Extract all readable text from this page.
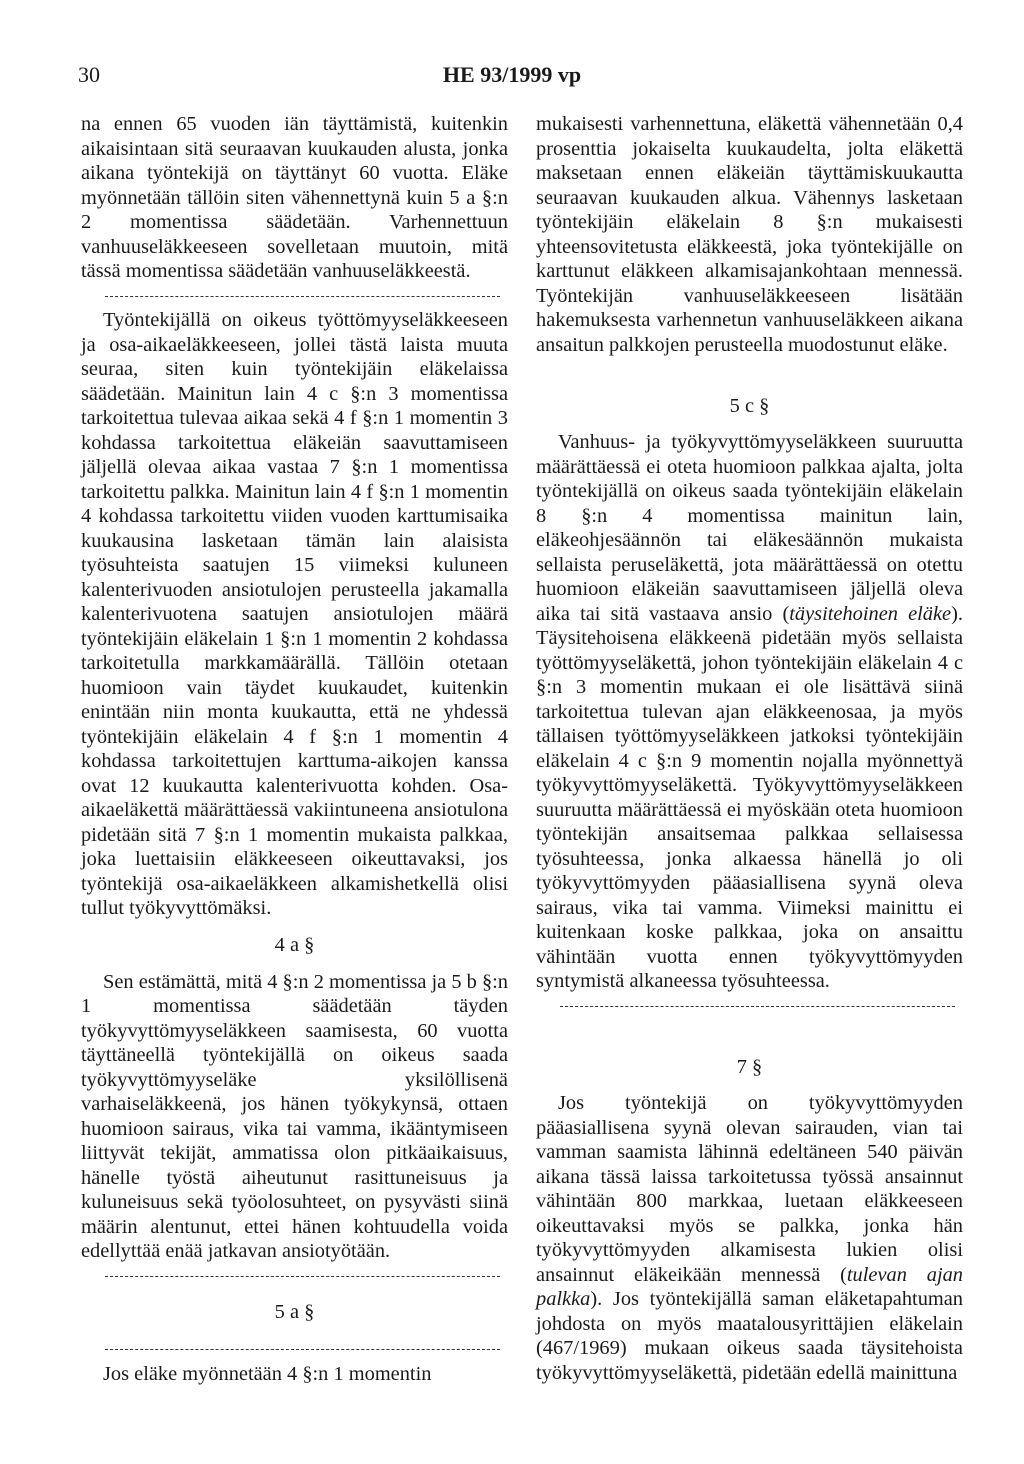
30	HE 93/1999 vp

na ennen 65 vuoden iän täyttämistä, kuitenkin aikaisintaan sitä seuraavan kuukauden alusta, jonka aikana työntekijä on täyttänyt 60 vuotta. Eläke myönnetään tällöin siten vähennettynä kuin 5 a §:n 2 momentissa säädetään. Varhennettuun vanhuuseläkkeeseen sovelletaan muutoin, mitä tässä momentissa säädetään vanhuuseläkkeestä.

Työntekijällä on oikeus työttömyyseläkkeeseen ja osa-aikaeläkkeeseen, jollei tästä laista muuta seuraa, siten kuin työntekijäin eläkelaissa säädetään. Mainitun lain 4 c §:n 3 momentissa tarkoitettua tulevaa aikaa sekä 4 f §:n 1 momentin 3 kohdassa tarkoitettua eläkeiän saavuttamiseen jäljellä olevaa aikaa vastaa 7 §:n 1 momentissa tarkoitettu palkka. Mainitun lain 4 f §:n 1 momentin 4 kohdassa tarkoitettu viiden vuoden karttumisaika kuukausina lasketaan tämän lain alaisista työsuhteista saatujen 15 viimeksi kuluneen kalenterivuoden ansiotulojen perusteella jakamalla kalenterivuotena saatujen ansiotulojen määrä työntekijäin eläkelain 1 §:n 1 momentin 2 kohdassa tarkoitetulla markkamäärällä. Tällöin otetaan huomioon vain täydet kuukaudet, kuitenkin enintään niin monta kuukautta, että ne yhdessä työntekijäin eläkelain 4 f §:n 1 momentin 4 kohdassa tarkoitettujen karttuma-aikojen kanssa ovat 12 kuukautta kalenterivuotta kohden. Osa-aikaeläkettä määrättäessä vakiintuneena ansiotulona pidetään sitä 7 §:n 1 momentin mukaista palkkaa, joka luettaisiin eläkkeeseen oikeuttavaksi, jos työntekijä osa-aikaeläkkeen alkamishetkellä olisi tullut työkyvyttömäksi.

4 a §

Sen estämättä, mitä 4 §:n 2 momentissa ja 5 b §:n 1 momentissa säädetään täyden työkyvyttömyyseläkkeen saamisesta, 60 vuotta täyttäneellä työntekijällä on oikeus saada työkyvyttömyyseläke yksilöllisenä varhaiseläkkeenä, jos hänen työkykynsä, ottaen huomioon sairaus, vika tai vamma, ikääntymiseen liittyvät tekijät, ammatissa olon pitkäaikaisuus, hänelle työstä aiheutunut rasittuneisuus ja kuluneisuus sekä työolosuhteet, on pysyvästi siinä määrin alentunut, ettei hänen kohtuudella voida edellyttää enää jatkavan ansiotyötään.

5 a §

Jos eläke myönnetään 4 §:n 1 momentin

mukaisesti varhennettuna, eläkettä vähennetään 0,4 prosenttia jokaiselta kuukaudelta, jolta eläkettä maksetaan ennen eläkeiän täyttämiskuukautta seuraavan kuukauden alkua. Vähennys lasketaan työntekijäin eläkelain 8 §:n mukaisesti yhteensovitetusta eläkkeestä, joka työntekijälle on karttunut eläkkeen alkamisajankohtaan mennessä. Työntekijän vanhuuseläkkeeseen lisätään hakemuksesta varhennetun vanhuuseläkkeen aikana ansaitun palkkojen perusteella muodostunut eläke.

5 c §

Vanhuus- ja työkyvyttömyyseläkkeen suuruutta määrättäessä ei oteta huomioon palkkaa ajalta, jolta työntekijällä on oikeus saada työntekijäin eläkelain 8 §:n 4 momentissa mainitun lain, eläkeohjesäännön tai eläkesäännön mukaista sellaista peruseläkettä, jota määrättäessä on otettu huomioon eläkeiän saavuttamiseen jäljellä oleva aika tai sitä vastaava ansio (täysitehoinen eläke). Täysitehoisena eläkkeenä pidetään myös sellaista työttömyyseläkettä, johon työntekijäin eläkelain 4 c §:n 3 momentin mukaan ei ole lisättävä siinä tarkoitettua tulevan ajan eläkkeenosaa, ja myös tällaisen työttömyyseläkkeen jatkoksi työntekijäin eläkelain 4 c §:n 9 momentin nojalla myönnettyä työkyvyttömyyseläkettä. Työkyvyttömyyseläkkeen suuruutta määrättäessä ei myöskään oteta huomioon työntekijän ansaitsemaa palkkaa sellaisessa työsuhteessa, jonka alkaessa hänellä jo oli työkyvyttömyyden pääasiallisena syynä oleva sairaus, vika tai vamma. Viimeksi mainittu ei kuitenkaan koske palkkaa, joka on ansaittu vähintään vuotta ennen työkyvyttömyyden syntymistä alkaneessa työsuhteessa.

7 §

Jos työntekijä on työkyvyttömyyden pääasiallisena syynä olevan sairauden, vian tai vamman saamista lähinnä edeltäneen 540 päivän aikana tässä laissa tarkoitetussa työssä ansainnut vähintään 800 markkaa, luetaan eläkkeeseen oikeuttavaksi myös se palkka, jonka hän työkyvyttömyyden alkamisesta lukien olisi ansainnut eläkeikään mennessä (tulevan ajan palkka). Jos työntekijällä saman eläketapahtuman johdosta on myös maatalousyrittäjien eläkelain (467/1969) mukaan oikeus saada täysitehoista työkyvyttömyyseläkettä, pidetään edellä mainittuna
